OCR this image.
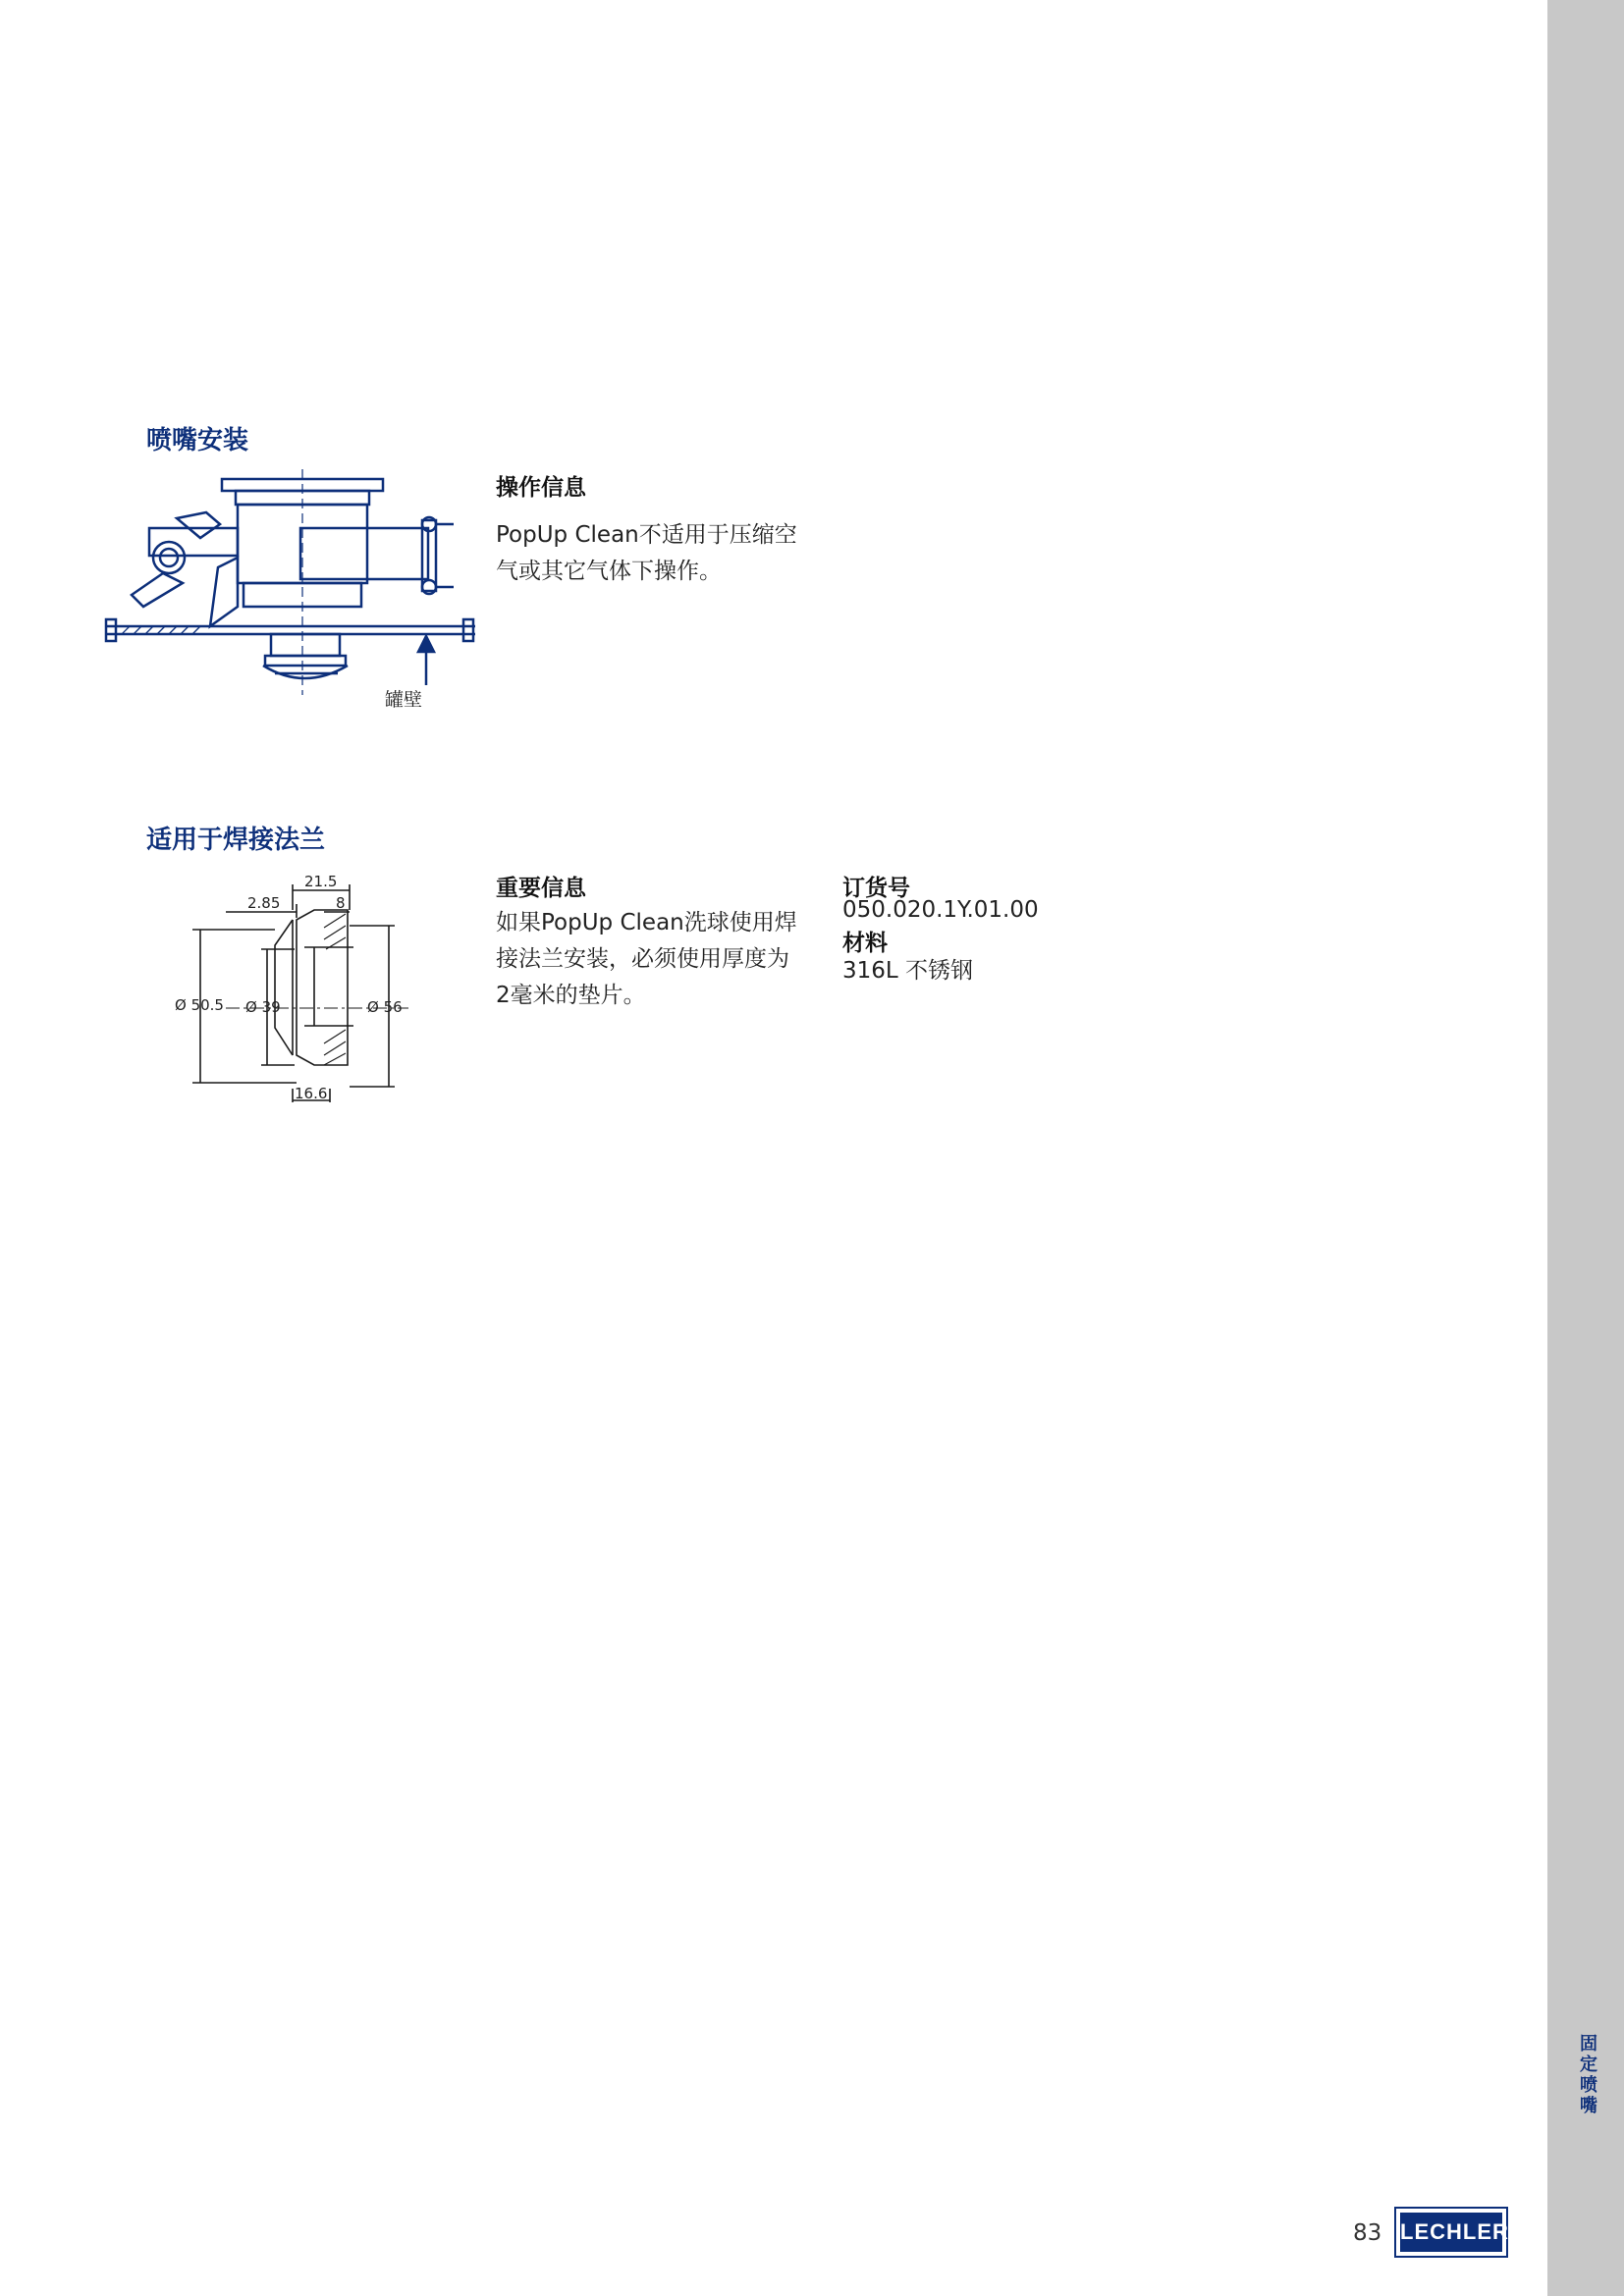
固定喷嘴
喷嘴安装
罐壁
操作信息
PopUp Clean不适用于压缩空
气或其它气体下操作。
适用于焊接法兰
21.5
2.85	8
Ø 50.5 Ø 39	Ø 56
16.6
重要信息
如果PopUp Clean洗球使用焊
接法兰安装，必须使用厚度为
2毫米的垫片。
订货号
050.020.1Y.01.00
材料
316L 不锈钢
83 LECHLER
